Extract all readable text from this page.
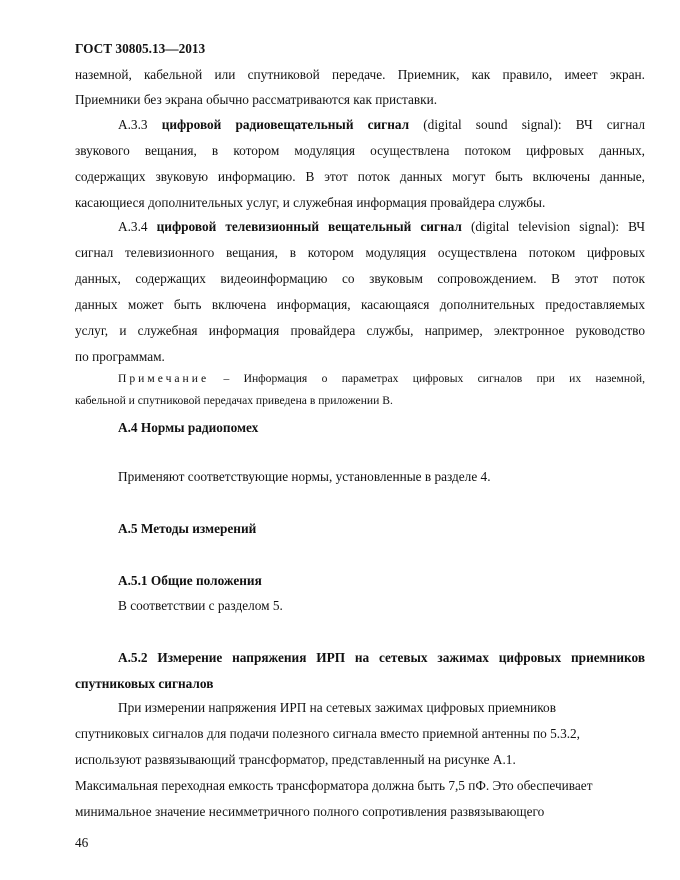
ГОСТ 30805.13—2013
наземной, кабельной или спутниковой передаче. Приемник, как правило, имеет экран.
Приемники без экрана обычно рассматриваются как приставки.
А.3.3 цифровой радиовещательный сигнал (digital sound signal): ВЧ сигнал
звукового вещания, в котором модуляция осуществлена потоком цифровых данных,
содержащих звуковую информацию. В этот поток данных могут быть включены данные,
касающиеся дополнительных услуг, и служебная информация провайдера службы.
А.3.4 цифровой телевизионный вещательный сигнал (digital television signal): ВЧ
сигнал телевизионного вещания, в котором модуляция осуществлена потоком цифровых
данных, содержащих видеоинформацию со звуковым сопровождением. В этот поток
данных может быть включена информация, касающаяся дополнительных предоставляемых
услуг, и служебная информация провайдера службы, например, электронное руководство
по программам.
Примечание – Информация о параметрах цифровых сигналов при их наземной,
кабельной и спутниковой передачах приведена в приложении В.
А.4 Нормы радиопомех
Применяют соответствующие нормы, установленные в разделе 4.
А.5 Методы измерений
А.5.1 Общие положения
В соответствии с разделом 5.
А.5.2 Измерение напряжения ИРП на сетевых зажимах цифровых приемников
спутниковых сигналов
При измерении напряжения ИРП на сетевых зажимах цифровых приемников
спутниковых сигналов для подачи полезного сигнала вместо приемной антенны по 5.3.2,
используют развязывающий трансформатор, представленный на рисунке А.1.
Максимальная переходная емкость трансформатора должна быть 7,5 пФ. Это обеспечивает
минимальное значение несимметричного полного сопротивления развязывающего
46
